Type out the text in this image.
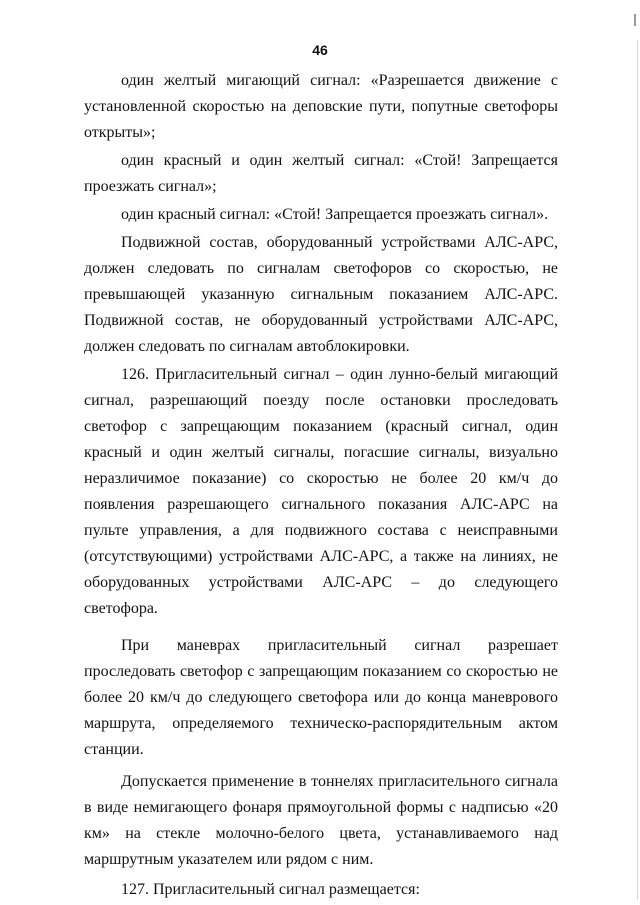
46

один желтый мигающий сигнал: «Разрешается движение с установленной скоростью на деповские пути, попутные светофоры открыты»;

один красный и один желтый сигнал: «Стой! Запрещается проезжать сигнал»;

один красный сигнал: «Стой! Запрещается проезжать сигнал».

Подвижной состав, оборудованный устройствами АЛС-АРС, должен следовать по сигналам светофоров со скоростью, не превышающей указанную сигнальным показанием АЛС-АРС. Подвижной состав, не оборудованный устройствами АЛС-АРС, должен следовать по сигналам автоблокировки.

126. Пригласительный сигнал – один лунно-белый мигающий сигнал, разрешающий поезду после остановки проследовать светофор с запрещающим показанием (красный сигнал, один красный и один желтый сигналы, погасшие сигналы, визуально неразличимое показание) со скоростью не более 20 км/ч до появления разрешающего сигнального показания АЛС-АРС на пульте управления, а для подвижного состава с неисправными (отсутствующими) устройствами АЛС-АРС, а также на линиях, не оборудованных устройствами АЛС-АРС – до следующего светофора.

При маневрах пригласительный сигнал разрешает проследовать светофор с запрещающим показанием со скоростью не более 20 км/ч до следующего светофора или до конца маневрового маршрута, определяемого техническо-распорядительным актом станции.

Допускается применение в тоннелях пригласительного сигнала в виде немигающего фонаря прямоугольной формы с надписью «20 км» на стекле молочно-белого цвета, устанавливаемого над маршрутным указателем или рядом с ним.

127. Пригласительный сигнал размещается:
